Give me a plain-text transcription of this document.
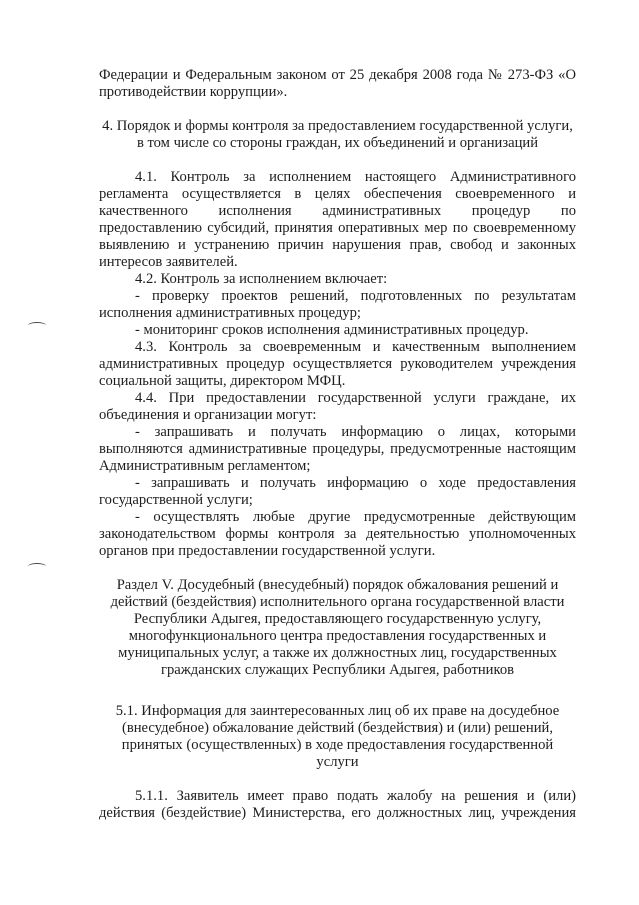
Федерации и Федеральным законом от 25 декабря 2008 года № 273-ФЗ «О

противодействии коррупции».

4. Порядок и формы контроля за предоставлением государственной услуги,

в том числе со стороны граждан, их объединений и организаций

4.1. Контроль за исполнением настоящего Административного

регламента осуществляется в целях обеспечения своевременного и

качественного исполнения административных процедур по

предоставлению субсидий, принятия оперативных мер по своевременному

выявлению и устранению причин нарушения прав, свобод и законных

интересов заявителей.

4.2. Контроль за исполнением включает:

- проверку проектов решений, подготовленных по результатам

исполнения административных процедур;

- мониторинг сроков исполнения административных процедур.

4.3. Контроль за своевременным и качественным выполнением

административных процедур осуществляется руководителем учреждения

социальной защиты, директором МФЦ.

4.4. При предоставлении государственной услуги граждане, их

объединения и организации могут:

- запрашивать и получать информацию о лицах, которыми

выполняются административные процедуры, предусмотренные настоящим

Административным регламентом;

- запрашивать и получать информацию о ходе предоставления

государственной услуги;

- осуществлять любые другие предусмотренные действующим

законодательством формы контроля за деятельностью уполномоченных

органов при предоставлении государственной услуги.

Раздел V. Досудебный (внесудебный) порядок обжалования решений и

действий (бездействия) исполнительного органа государственной власти

Республики Адыгея, предоставляющего государственную услугу,

многофункционального центра предоставления государственных и

муниципальных услуг, а также их должностных лиц, государственных

гражданских служащих Республики Адыгея, работников

5.1. Информация для заинтересованных лиц об их праве на досудебное

(внесудебное) обжалование действий (бездействия) и (или) решений,

принятых (осуществленных) в ходе предоставления государственной

услуги

5.1.1. Заявитель имеет право подать жалобу на решения и (или)

действия (бездействие) Министерства, его должностных лиц, учреждения
